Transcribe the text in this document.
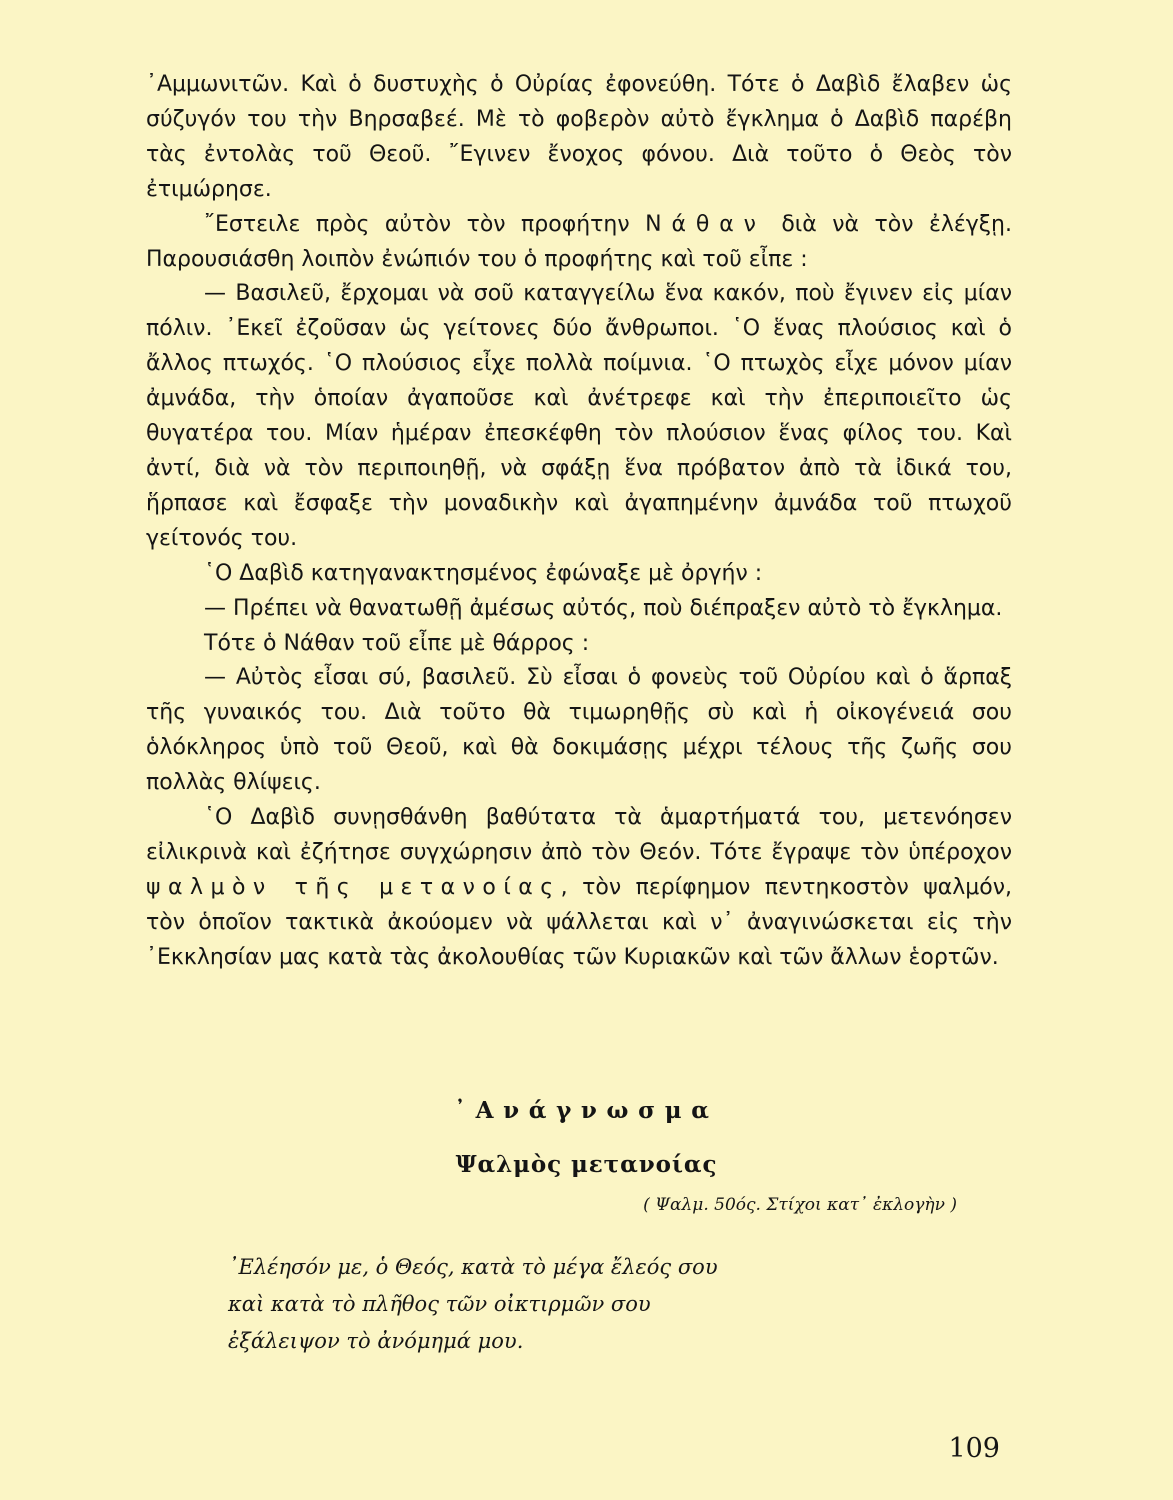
᾿Αμμωνιτῶν. Καὶ ὁ δυστυχὴς ὁ Οὐρίας ἐφονεύθη. Τότε ὁ Δαβὶδ ἔλαβεν ὡς σύζυγόν του τὴν Βηρσαβεέ. Μὲ τὸ φοβερὸν αὐτὸ ἔγκλημα ὁ Δαβὶδ παρέβη τὰς ἐντολὰς τοῦ Θεοῦ. ῎Εγινεν ἔνοχος φόνου. Διὰ τοῦτο ὁ Θεὸς τὸν ἐτιμώρησε.

῎Εστειλε πρὸς αὐτὸν τὸν προφήτην Νάθαν διὰ νὰ τὸν ἐλέγξῃ. Παρουσιάσθη λοιπὸν ἐνώπιόν του ὁ προφήτης καὶ τοῦ εἶπε :

— Βασιλεῦ, ἔρχομαι νὰ σοῦ καταγγείλω ἕνα κακόν, ποὺ ἔγινεν εἰς μίαν πόλιν. ᾿Εκεῖ ἐζοῦσαν ὡς γείτονες δύο ἄνθρωποι. ῾Ο ἕνας πλούσιος καὶ ὁ ἄλλος πτωχός. ῾Ο πλούσιος εἶχε πολλὰ ποίμνια. ῾Ο πτωχὸς εἶχε μόνον μίαν ἀμνάδα, τὴν ὁποίαν ἀγαποῦσε καὶ ἀνέτρεφε καὶ τὴν ἐπεριποιεῖτο ὡς θυγατέρα του. Μίαν ἡμέραν ἐπεσκέφθη τὸν πλούσιον ἕνας φίλος του. Καὶ ἀντί, διὰ νὰ τὸν περιποιηθῇ, νὰ σφάξῃ ἕνα πρόβατον ἀπὸ τὰ ἰδικά του, ἥρπασε καὶ ἔσφαξε τὴν μοναδικὴν καὶ ἀγαπημένην ἀμνάδα τοῦ πτωχοῦ γείτονός του.

῾Ο Δαβὶδ κατηγανακτησμένος ἐφώναξε μὲ ὀργήν :

— Πρέπει νὰ θανατωθῇ ἀμέσως αὐτός, ποὺ διέπραξεν αὐτὸ τὸ ἔγκλημα.

Τότε ὁ Νάθαν τοῦ εἶπε μὲ θάρρος :

— Αὐτὸς εἶσαι σύ, βασιλεῦ. Σὺ εἶσαι ὁ φονεὺς τοῦ Οὐρίου καὶ ὁ ἅρπαξ τῆς γυναικός του. Διὰ τοῦτο θὰ τιμωρηθῇς σὺ καὶ ἡ οἰκογένειά σου ὁλόκληρος ὑπὸ τοῦ Θεοῦ, καὶ θὰ δοκιμάσῃς μέχρι τέλους τῆς ζωῆς σου πολλὰς θλίψεις.

῾Ο Δαβὶδ συνῃσθάνθη βαθύτατα τὰ ἁμαρτήματά του, μετενόησεν εἰλικρινὰ καὶ ἐζήτησε συγχώρησιν ἀπὸ τὸν Θεόν. Τότε ἔγραψε τὸν ὑπέροχον ψαλμὸν τῆς μετανοίας, τὸν περίφημον πεντηκοστὸν ψαλμόν, τὸν ὁποῖον τακτικὰ ἀκούομεν νὰ ψάλλεται καὶ ν᾿ ἀναγινώσκεται εἰς τὴν ᾿Εκκλησίαν μας κατὰ τὰς ἀκολουθίας τῶν Κυριακῶν καὶ τῶν ἄλλων ἑορτῶν.

᾿Ανάγνωσμα
Ψαλμὸς μετανοίας
( Ψαλμ. 50ός. Στίχοι κατ᾿ ἐκλογὴν )
᾿Ελέησόν με, ὁ Θεός, κατὰ τὸ μέγα ἔλεός σου
καὶ κατὰ τὸ πλῆθος τῶν οἰκτιρμῶν σου
ἐξάλειψον τὸ ἀνόμημά μου.
109
